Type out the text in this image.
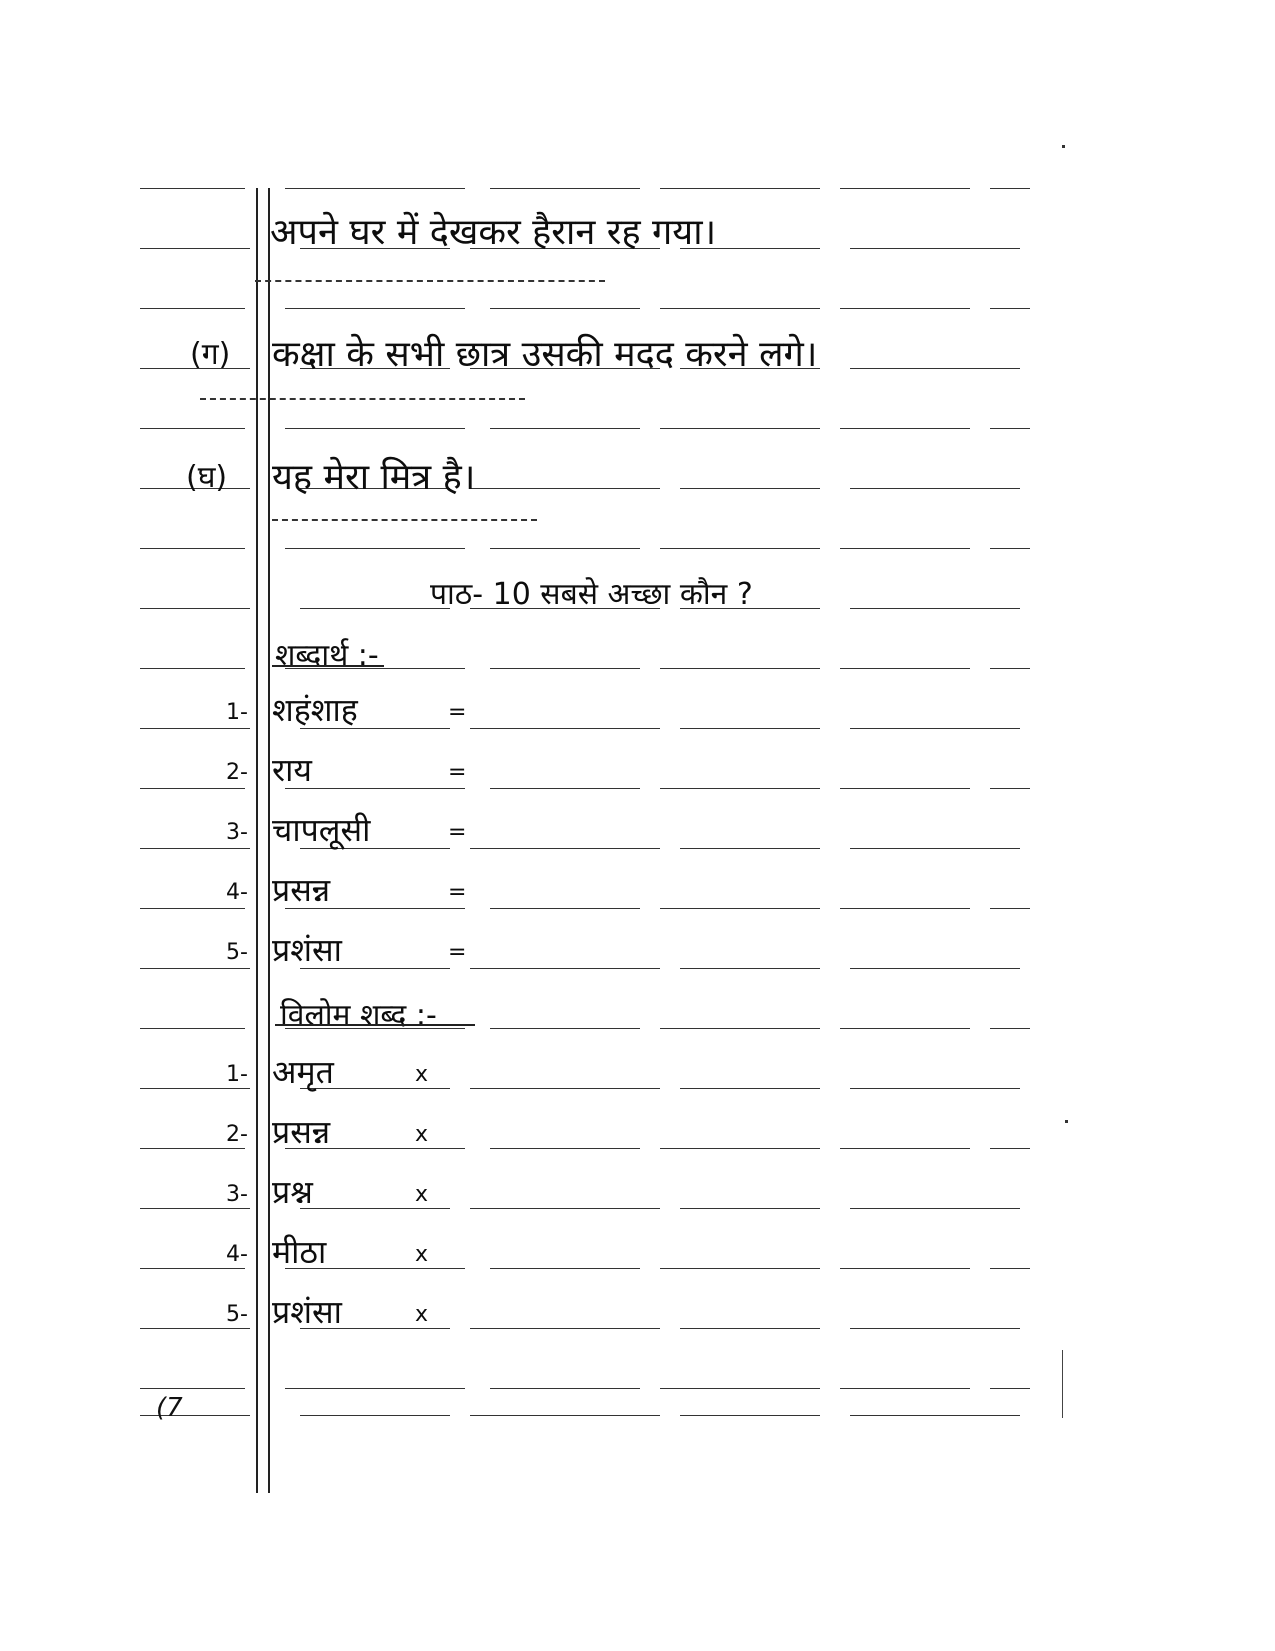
अपने घर में देखकर हैरान रह गया।
(ग) कक्षा के सभी छात्र उसकी मदद करने लगे।
(घ) यह मेरा मित्र है।
पाठ- 10 सबसे अच्छा कौन ?
शब्दार्थ :-
1- शहंशाह	=
2- राय	=
3- चापलूसी	=
4- प्रसन्न	=
5- प्रशंसा	=
विलोम शब्द :-
1- अमृत	x
2- प्रसन्न	x
3- प्रश्न	x
4- मीठा	x
5- प्रशंसा	x
(7
